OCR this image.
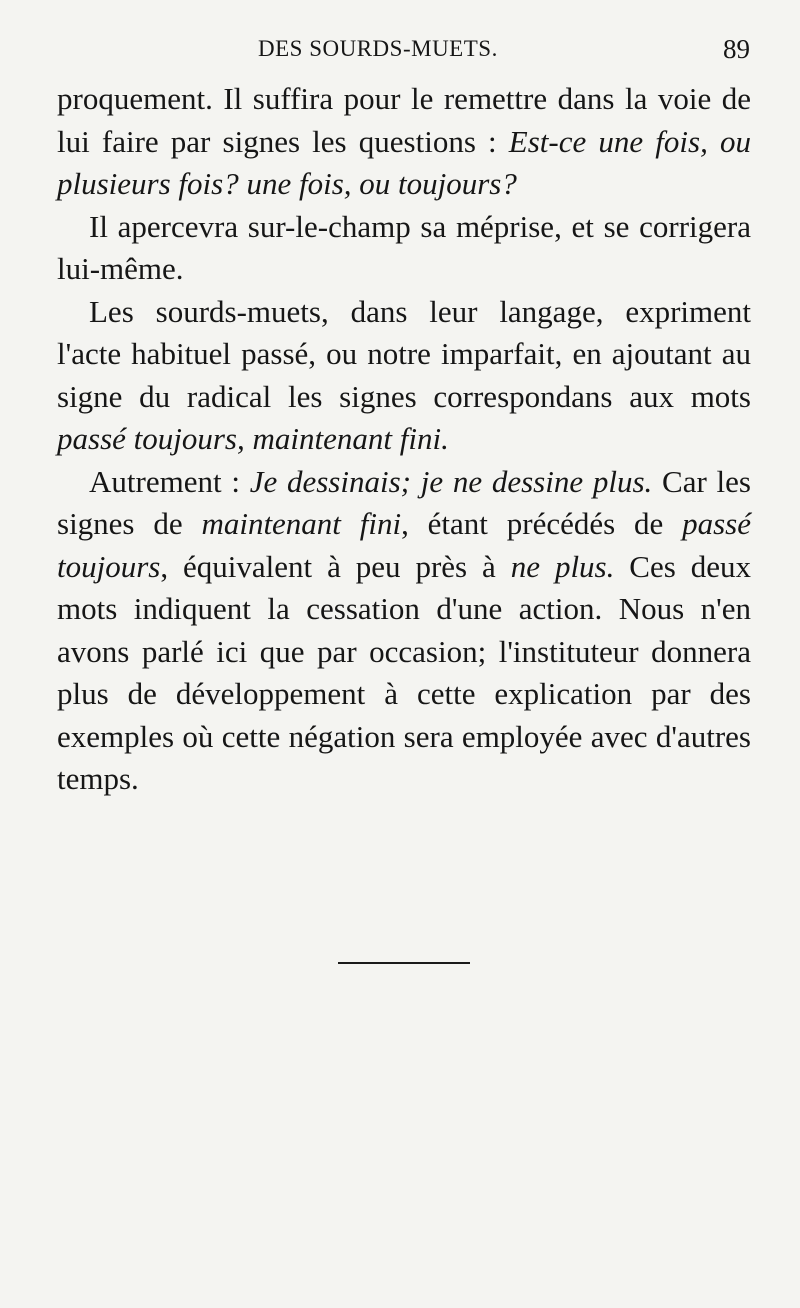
DES SOURDS-MUETS.	89

proquement. Il suffira pour le remettre dans la voie de lui faire par signes les questions : Est-ce une fois, ou plusieurs fois? une fois, ou toujours?

Il apercevra sur-le-champ sa méprise, et se corrigera lui-même.

Les sourds-muets, dans leur langage, expriment l'acte habituel passé, ou notre imparfait, en ajoutant au signe du radical les signes correspondans aux mots passé toujours, maintenant fini.

Autrement : Je dessinais; je ne dessine plus. Car les signes de maintenant fini, étant précédés de passé toujours, équivalent à peu près à ne plus. Ces deux mots indiquent la cessation d'une action. Nous n'en avons parlé ici que par occasion; l'instituteur donnera plus de développement à cette explication par des exemples où cette négation sera employée avec d'autres temps.
